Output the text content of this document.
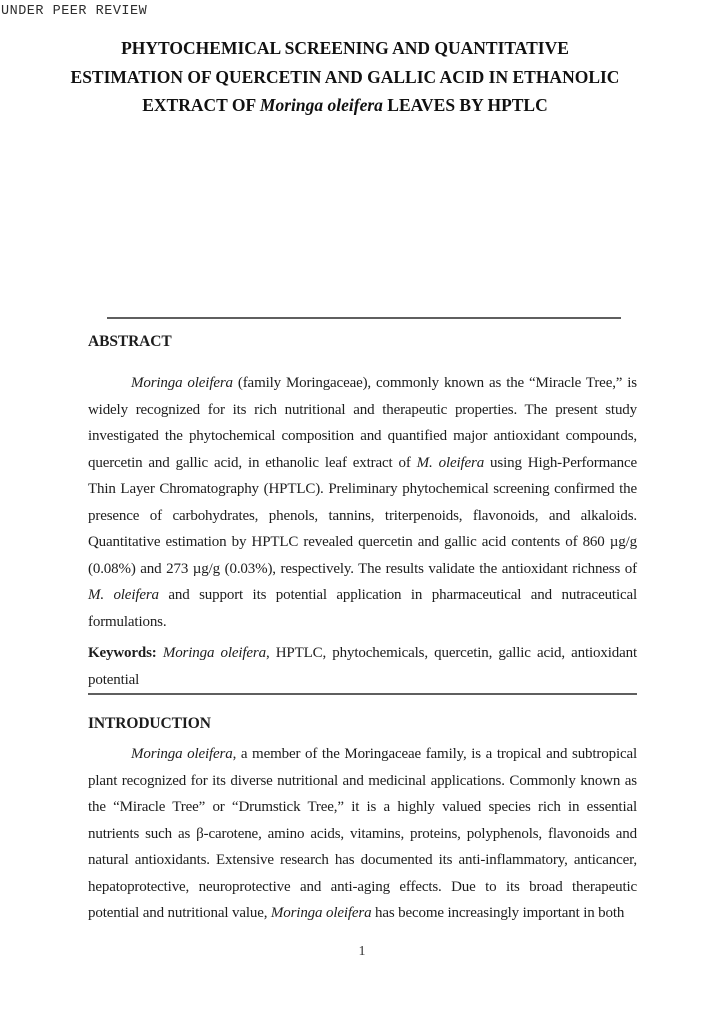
UNDER PEER REVIEW
PHYTOCHEMICAL SCREENING AND QUANTITATIVE
ESTIMATION OF QUERCETIN AND GALLIC ACID IN ETHANOLIC
EXTRACT OF Moringa oleifera LEAVES BY HPTLC
ABSTRACT

Moringa oleifera (family Moringaceae), commonly known as the “Miracle Tree,” is widely recognized for its rich nutritional and therapeutic properties. The present study investigated the phytochemical composition and quantified major antioxidant compounds, quercetin and gallic acid, in ethanolic leaf extract of M. oleifera using High-Performance Thin Layer Chromatography (HPTLC). Preliminary phytochemical screening confirmed the presence of carbohydrates, phenols, tannins, triterpenoids, flavonoids, and alkaloids. Quantitative estimation by HPTLC revealed quercetin and gallic acid contents of 860 µg/g (0.08%) and 273 µg/g (0.03%), respectively. The results validate the antioxidant richness of M. oleifera and support its potential application in pharmaceutical and nutraceutical formulations.

Keywords: Moringa oleifera, HPTLC, phytochemicals, quercetin, gallic acid, antioxidant potential

INTRODUCTION

Moringa oleifera, a member of the Moringaceae family, is a tropical and subtropical plant recognized for its diverse nutritional and medicinal applications. Commonly known as the “Miracle Tree” or “Drumstick Tree,” it is a highly valued species rich in essential nutrients such as β-carotene, amino acids, vitamins, proteins, polyphenols, flavonoids and natural antioxidants. Extensive research has documented its anti-inflammatory, anticancer, hepatoprotective, neuroprotective and anti-aging effects. Due to its broad therapeutic potential and nutritional value, Moringa oleifera has become increasingly important in both

1
